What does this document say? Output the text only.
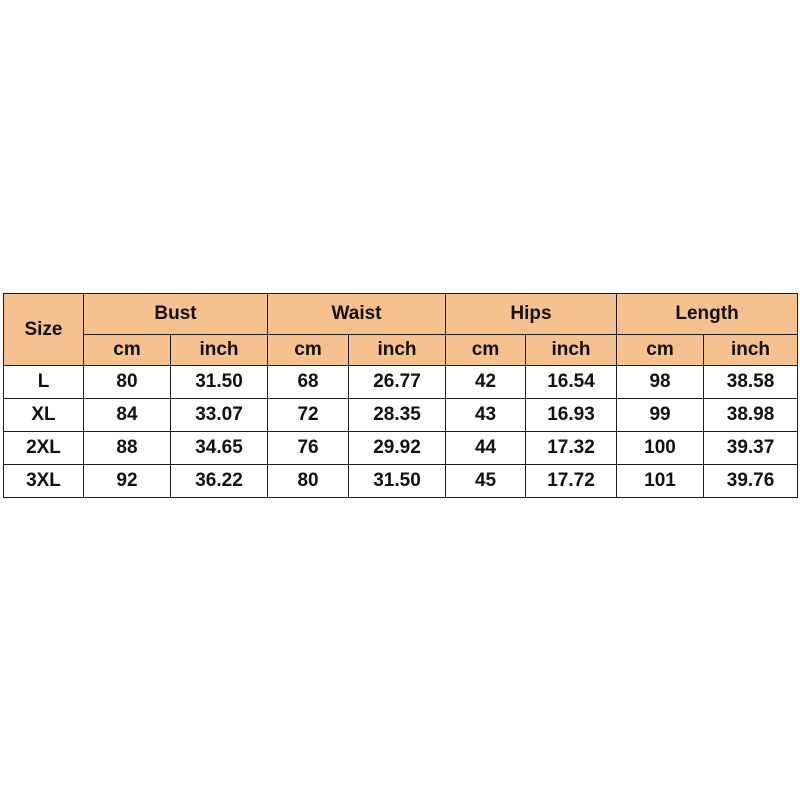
Size	Bust		Waist		Hips		Length	
	cm	inch	cm	inch	cm	inch	cm	inch
L	80	31.50	68	26.77	42	16.54	98	38.58
XL	84	33.07	72	28.35	43	16.93	99	38.98
2XL	88	34.65	76	29.92	44	17.32	100	39.37
3XL	92	36.22	80	31.50	45	17.72	101	39.76
